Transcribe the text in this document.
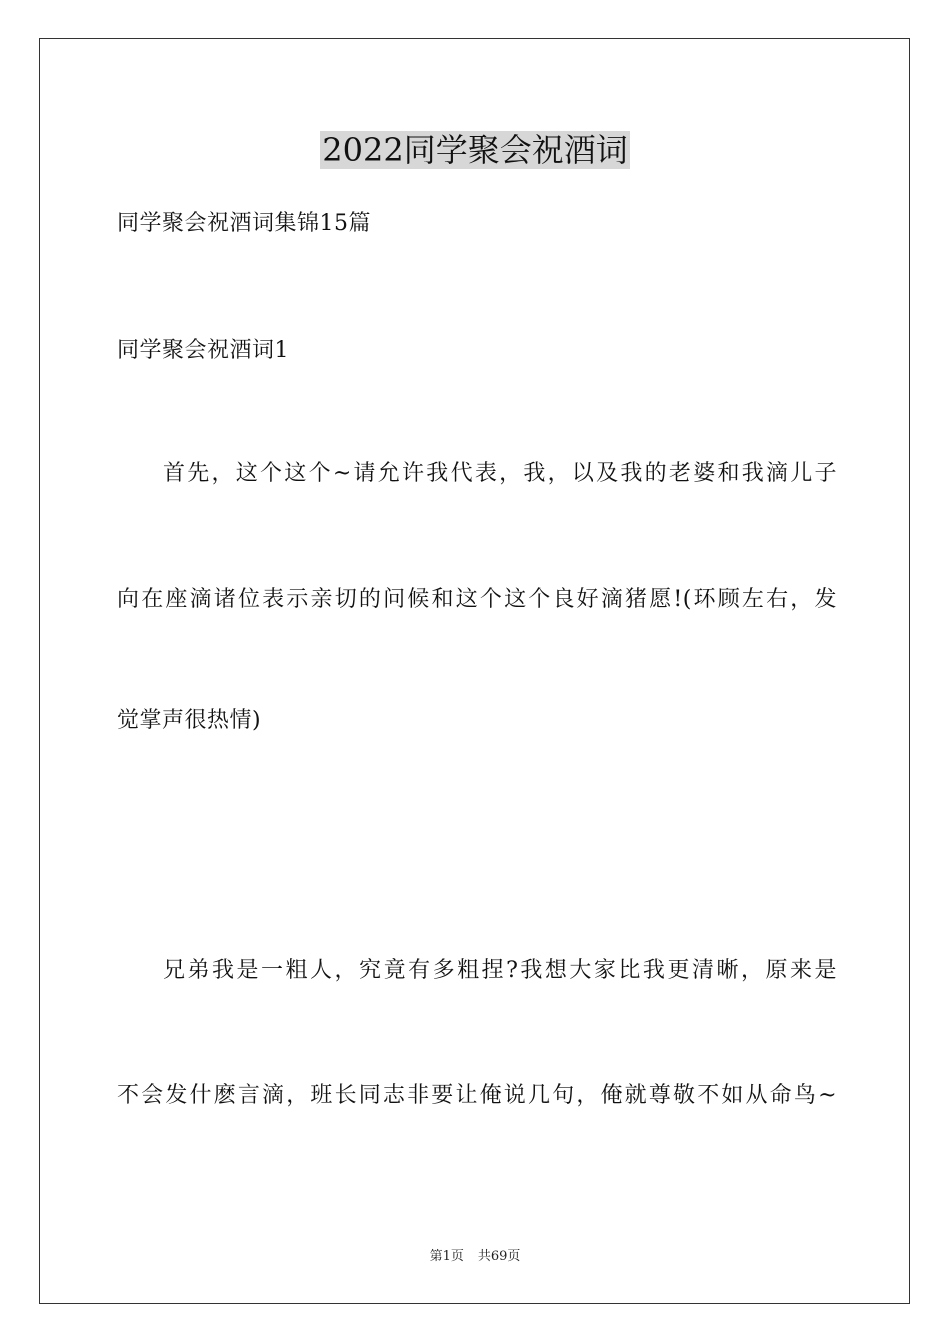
2022同学聚会祝酒词
同学聚会祝酒词集锦15篇
同学聚会祝酒词1
首先，这个这个~请允许我代表，我，以及我的老婆和我滴儿子
向在座滴诸位表示亲切的问候和这个这个良好滴猪愿!(环顾左右，发
觉掌声很热情)
兄弟我是一粗人，究竟有多粗捏?我想大家比我更清晰，原来是
不会发什麽言滴，班长同志非要让俺说几句，俺就尊敬不如从命鸟~
第1页 共69页
